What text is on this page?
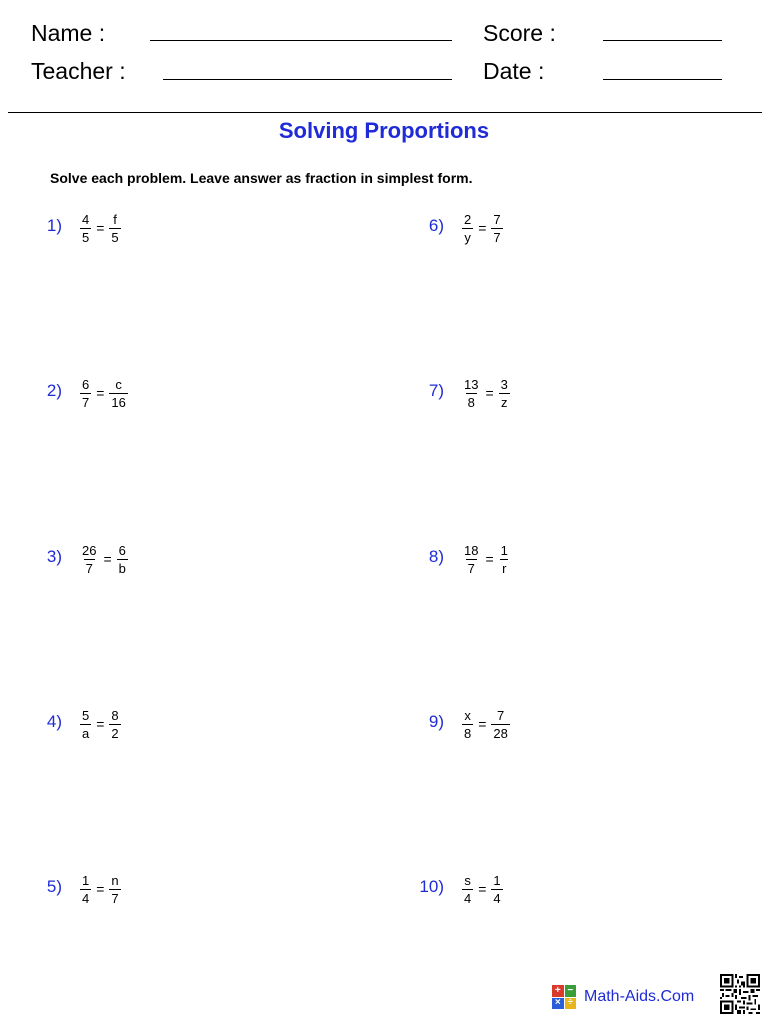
Name :
Teacher :
Score :
Date :
Solving Proportions
Solve each problem. Leave answer as fraction in simplest form.
$1) \frac{4}{5} = \frac{f}{5}$
$2) \frac{6}{7} = \frac{c}{16}$
$3) \frac{26}{7} = \frac{6}{b}$
$4) \frac{5}{a} = \frac{8}{2}$
$5) \frac{1}{4} = \frac{n}{7}$
$6) \frac{2}{y} = \frac{7}{7}$
$7) \frac{13}{8} = \frac{3}{z}$
$8) \frac{18}{7} = \frac{1}{r}$
$9) \frac{x}{8} = \frac{7}{28}$
$10) \frac{s}{4} = \frac{1}{4}$
+ −
× ÷ Math-Aids.Com
